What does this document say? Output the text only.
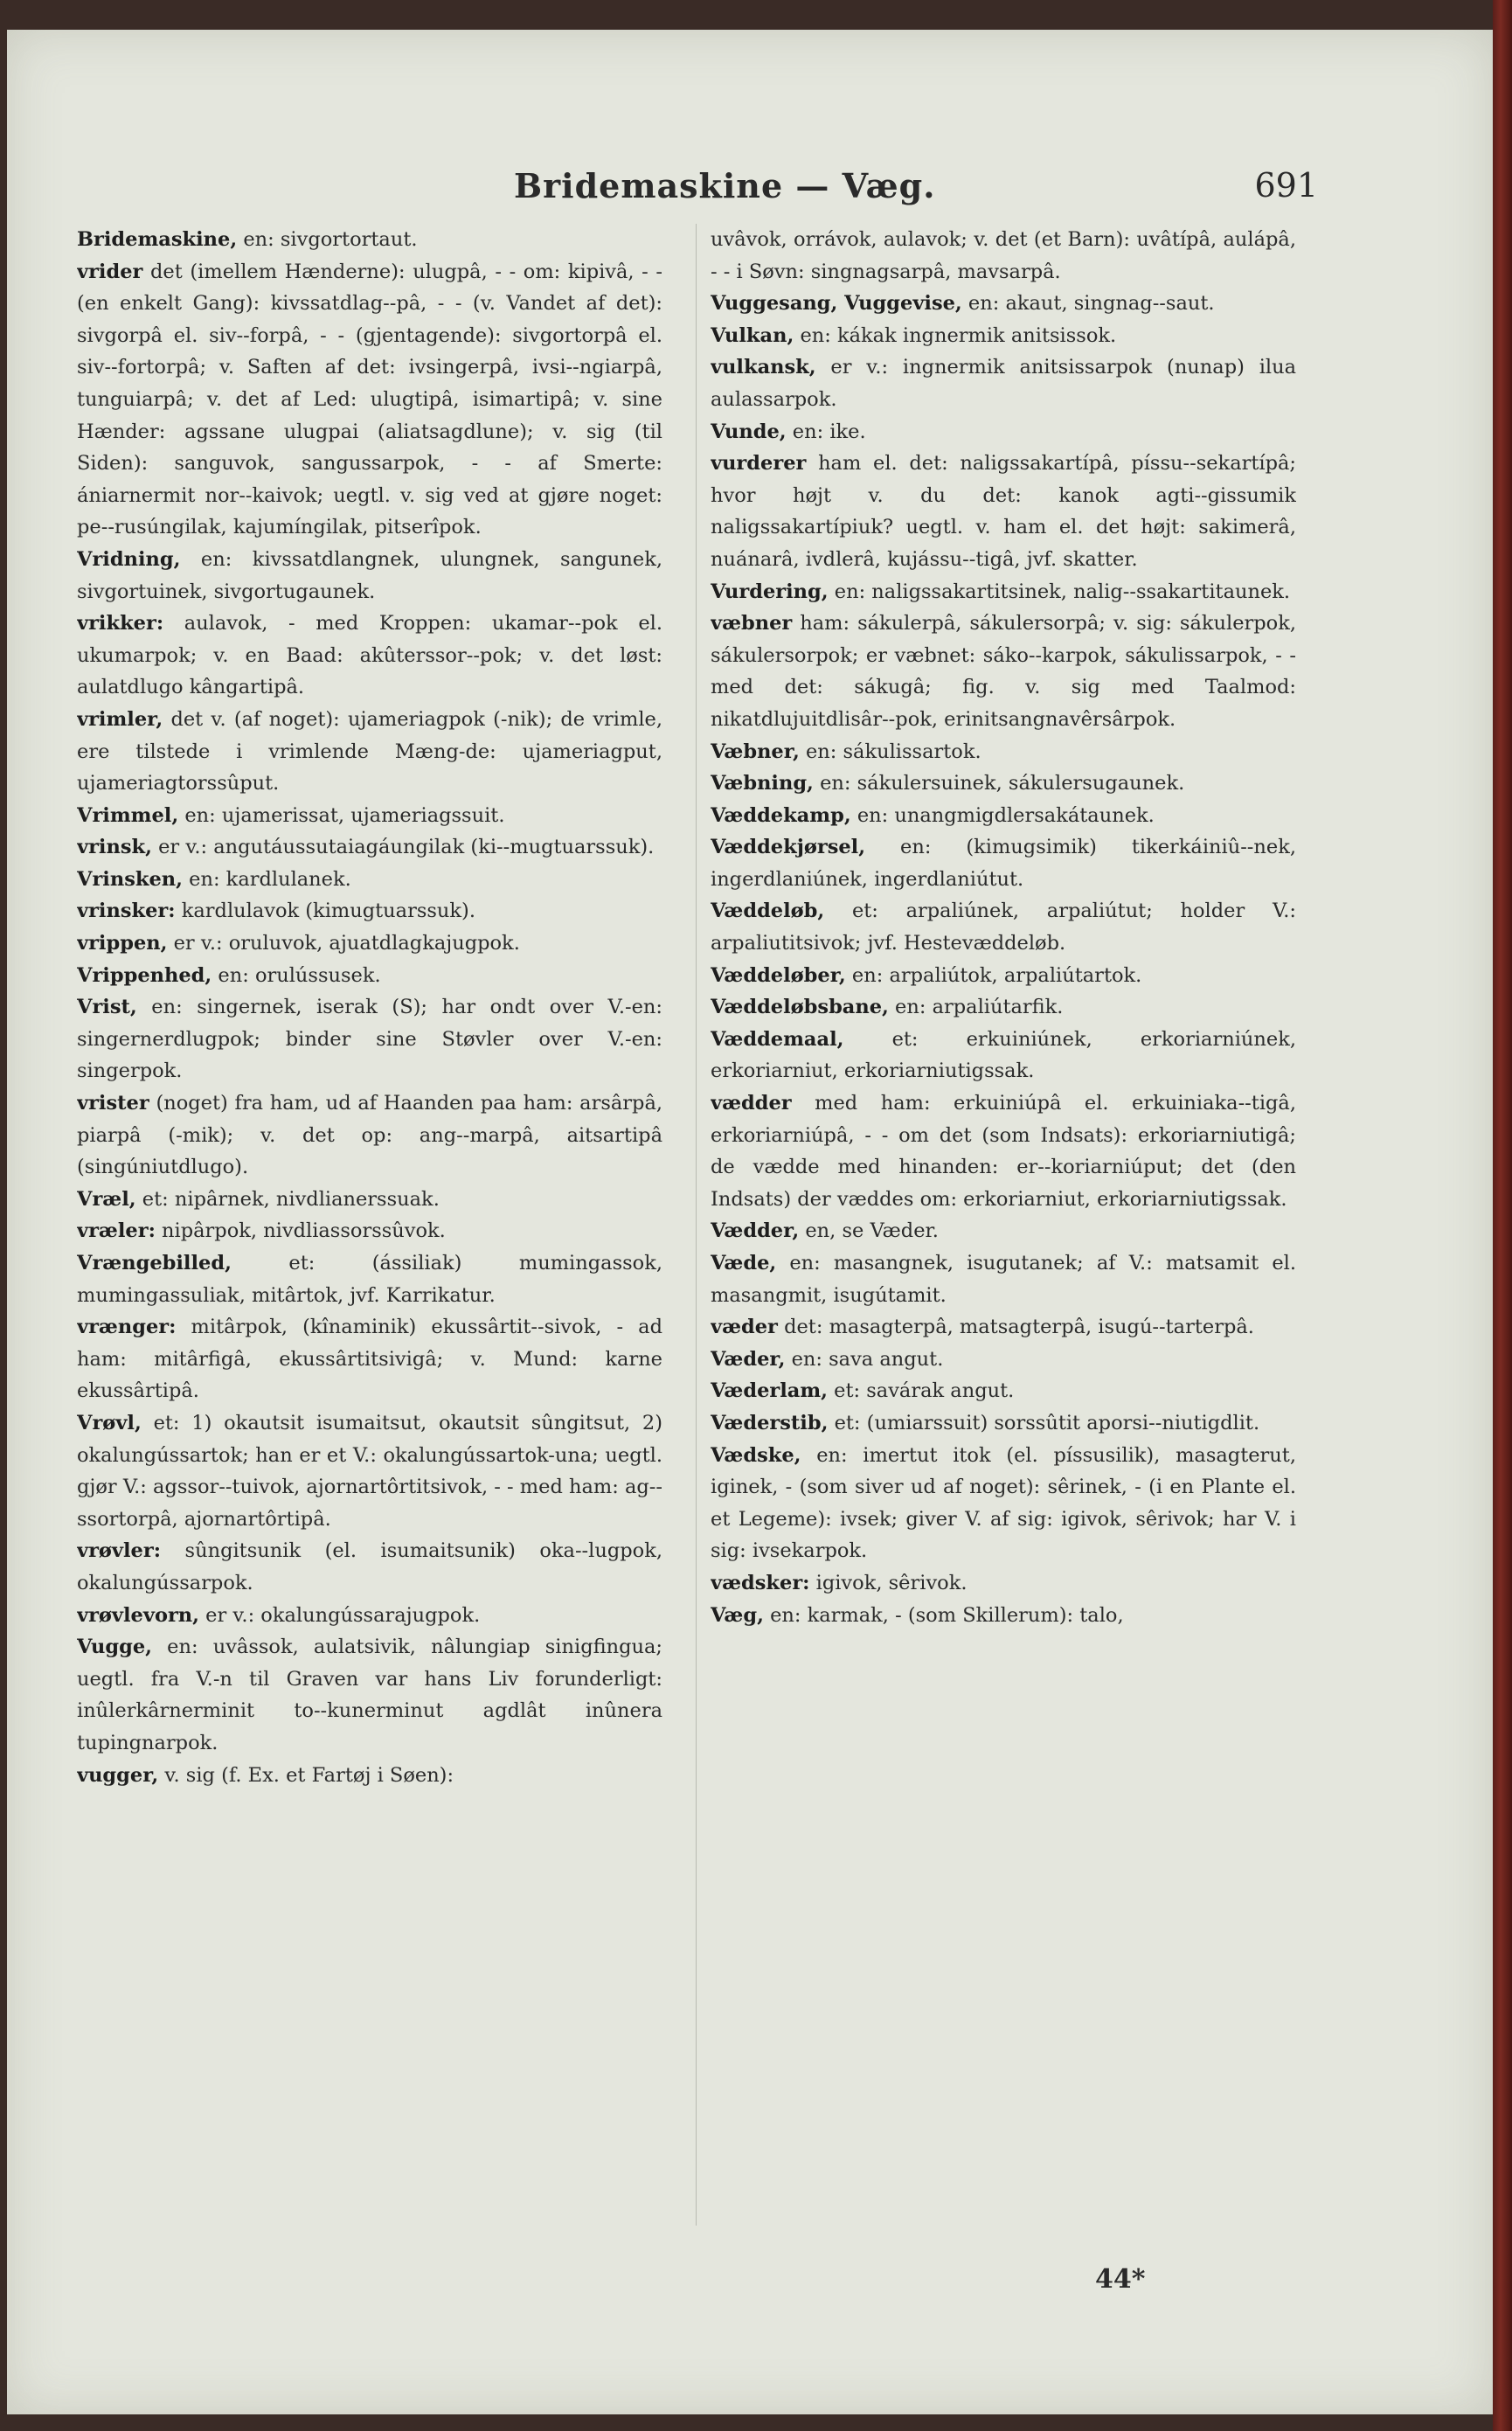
Bridemaskine — Væg.	691

Bridemaskine, en: sivgortortaut.

vrider det (imellem Hænderne): ulugpâ, - - om: kipivâ, - - (en enkelt Gang): kivssatdlag--pâ, - - (v. Vandet af det): sivgorpâ el. siv--forpâ, - - (gjentagende): sivgortorpâ el. siv--fortorpâ; v. Saften af det: ivsingerpâ, ivsi--ngiarpâ, tunguiarpâ; v. det af Led: ulugtipâ, isimartipâ; v. sine Hænder: agssane ulugpai (aliatsagdlune); v. sig (til Siden): sanguvok, sangussarpok, - - af Smerte: ániarnermit nor--kaivok; uegtl. v. sig ved at gjøre noget: pe--rusúngilak, kajumíngilak, pitserîpok.

Vridning, en: kivssatdlangnek, ulungnek, sangunek, sivgortuinek, sivgortugaunek.

vrikker: aulavok, - med Kroppen: ukamar--pok el. ukumarpok; v. en Baad: akûterssor--pok; v. det løst: aulatdlugo kângartipâ.

vrimler, det v. (af noget): ujameriagpok (-nik); de vrimle, ere tilstede i vrimlende Mæng-de: ujameriagput, ujameriagtorssûput.

Vrimmel, en: ujamerissat, ujameriagssuit.

vrinsk, er v.: angutáussutaiagáungilak (ki--mugtuarssuk).

Vrinsken, en: kardlulanek.

vrinsker: kardlulavok (kimugtuarssuk).

vrippen, er v.: oruluvok, ajuatdlagkajugpok.

Vrippenhed, en: orulússusek.

Vrist, en: singernek, iserak (S); har ondt over V.-en: singernerdlugpok; binder sine Støvler over V.-en: singerpok.

vrister (noget) fra ham, ud af Haanden paa ham: arsârpâ, piarpâ (-mik); v. det op: ang--marpâ, aitsartipâ (singúniutdlugo).

Vræl, et: nipârnek, nivdlianerssuak.

vræler: nipârpok, nivdliassorssûvok.

Vrængebilled,	et: (ássiliak) mumingassok, mumingassuliak, mitârtok, jvf. Karrikatur.

vrænger: mitârpok, (kînaminik) ekussârtit--sivok, - ad ham: mitârfigâ, ekussârtitsivigâ; v. Mund: karne ekussârtipâ.

Vrøvl, et: 1) okautsit isumaitsut, okautsit sûngitsut, 2) okalungússartok; han er et V.: okalungússartok-una; uegtl. gjør V.: agssor--tuivok, ajornartôrtitsivok, - - med ham: ag--ssortorpâ, ajornartôrtipâ.

vrøvler: sûngitsunik (el. isumaitsunik) oka--lugpok, okalungússarpok.

vrøvlevorn, er v.: okalungússarajugpok.

Vugge, en: uvâssok, aulatsivik, nâlungiap sinigfingua; uegtl. fra V.-n til Graven var hans Liv forunderligt: inûlerkârnerminit to--kunerminut agdlât inûnera tupingnarpok.

vugger, v. sig (f. Ex. et Fartøj i Søen):

uvâvok, orrávok, aulavok; v. det (et Barn): uvâtípâ, aulápâ, - - i Søvn: singnagsarpâ, mavsarpâ.

Vuggesang, Vuggevise, en: akaut, singnag--saut.

Vulkan, en: kákak ingnermik anitsissok.

vulkansk, er v.: ingnermik anitsissarpok (nunap) ilua aulassarpok.

Vunde, en: ike.

vurderer ham el. det: naligssakartípâ, píssu--sekartípâ; hvor højt v. du det: kanok agti--gissumik naligssakartípiuk? uegtl. v. ham el. det højt: sakimerâ, nuánarâ, ivdlerâ, kujássu--tigâ, jvf. skatter.

Vurdering, en: naligssakartitsinek, nalig--ssakartitaunek.

væbner ham: sákulerpâ, sákulersorpâ; v. sig: sákulerpok, sákulersorpok; er væbnet: sáko--karpok, sákulissarpok, - - med det: sákugâ; fig. v. sig med Taalmod: nikatdlujuitdlisâr--pok, erinitsangnavêrsârpok.

Væbner, en: sákulissartok.

Væbning, en: sákulersuinek, sákulersugaunek.

Væddekamp, en: unangmigdlersakátaunek.

Væddekjørsel, en: (kimugsimik) tikerkáiniû--nek, ingerdlaniúnek, ingerdlaniútut.

Væddeløb, et: arpaliúnek, arpaliútut; holder V.: arpaliutitsivok; jvf. Hestevæddeløb.

Væddeløber, en: arpaliútok, arpaliútartok.

Væddeløbsbane, en: arpaliútarfik.

Væddemaal, et: erkuiniúnek, erkoriarniúnek, erkoriarniut, erkoriarniutigssak.

vædder med ham: erkuiniúpâ el. erkuiniaka--tigâ, erkoriarniúpâ, - - om det (som Indsats): erkoriarniutigâ; de vædde med hinanden: er--koriarniúput; det (den Indsats) der væddes om: erkoriarniut, erkoriarniutigssak.

Vædder, en, se Væder.

Væde, en: masangnek, isugutanek; af V.: matsamit el. masangmit, isugútamit.

væder det: masagterpâ, matsagterpâ, isugú--tarterpâ.

Væder, en: sava angut.

Væderlam, et: savárak angut.

Væderstib, et: (umiarssuit) sorssûtit aporsi--niutigdlit.

Vædske, en: imertut itok (el. píssusilik), masagterut, iginek, - (som siver ud af noget): sêrinek, - (i en Plante el. et Legeme): ivsek; giver V. af sig: igivok, sêrivok; har V. i sig: ivsekarpok.

vædsker: igivok, sêrivok.

Væg, en: karmak, - (som Skillerum): talo,

44*
